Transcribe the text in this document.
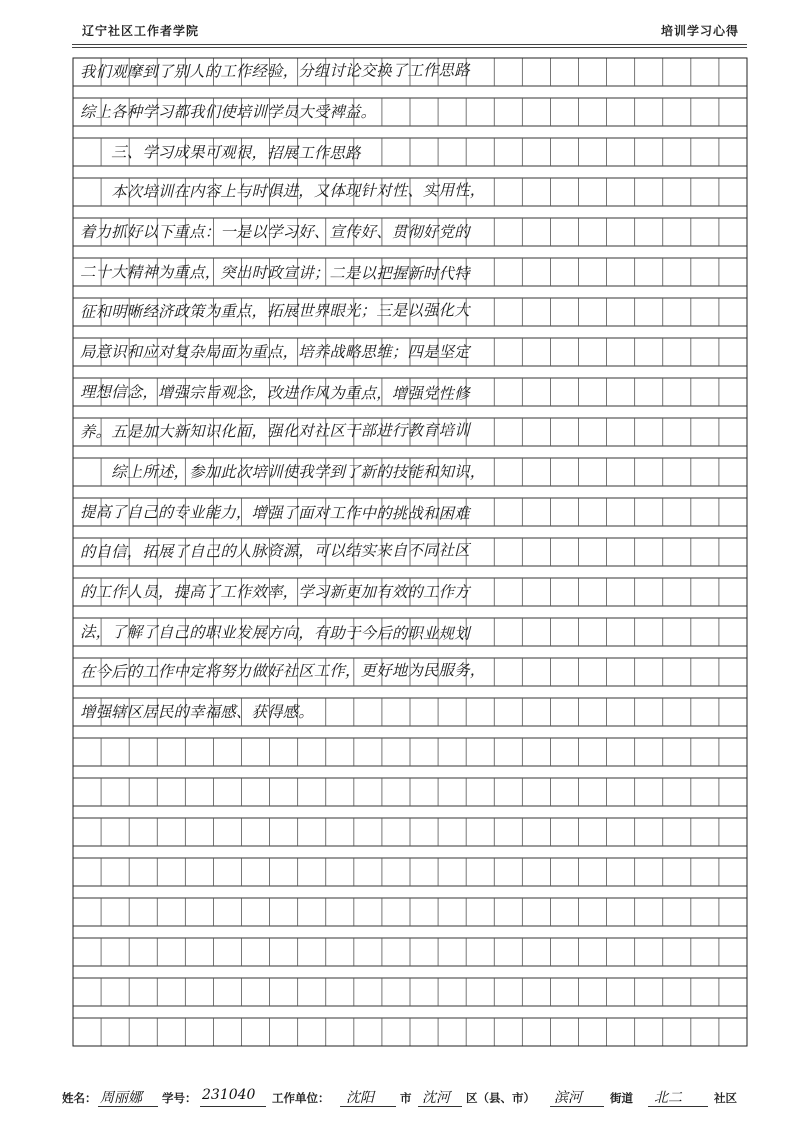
辽宁社区工作者学院	培训学习心得
我们观摩到了别人的工作经验，分组讨论交换了工作思路
综上各种学习都我们使培训学员大受裨益。
　　三、学习成果可观很，招展工作思路
　　本次培训在内容上与时俱进，又体现针对性、实用性，
着力抓好以下重点：一是以学习好、宣传好、贯彻好党的
二十大精神为重点，突出时政宣讲；二是以把握新时代特
征和明晰经济政策为重点，拓展世界眼光；三是以强化大
局意识和应对复杂局面为重点，培养战略思维；四是坚定
理想信念，增强宗旨观念，改进作风为重点，增强党性修
养。五是加大新知识化面，强化对社区干部进行教育培训
　　综上所述，参加此次培训使我学到了新的技能和知识，
提高了自己的专业能力，增强了面对工作中的挑战和困难
的自信，拓展了自己的人脉资源，可以结实来自不同社区
的工作人员，提高了工作效率，学习新更加有效的工作方
法，了解了自己的职业发展方向，有助于今后的职业规划
在今后的工作中定将努力做好社区工作，更好地为民服务，
增强辖区居民的幸福感、获得感。
姓名： 周丽娜 学号： 231040 工作单位： 沈阳 市 沈河 区（县、市） 滨河 街道 北二	社区
